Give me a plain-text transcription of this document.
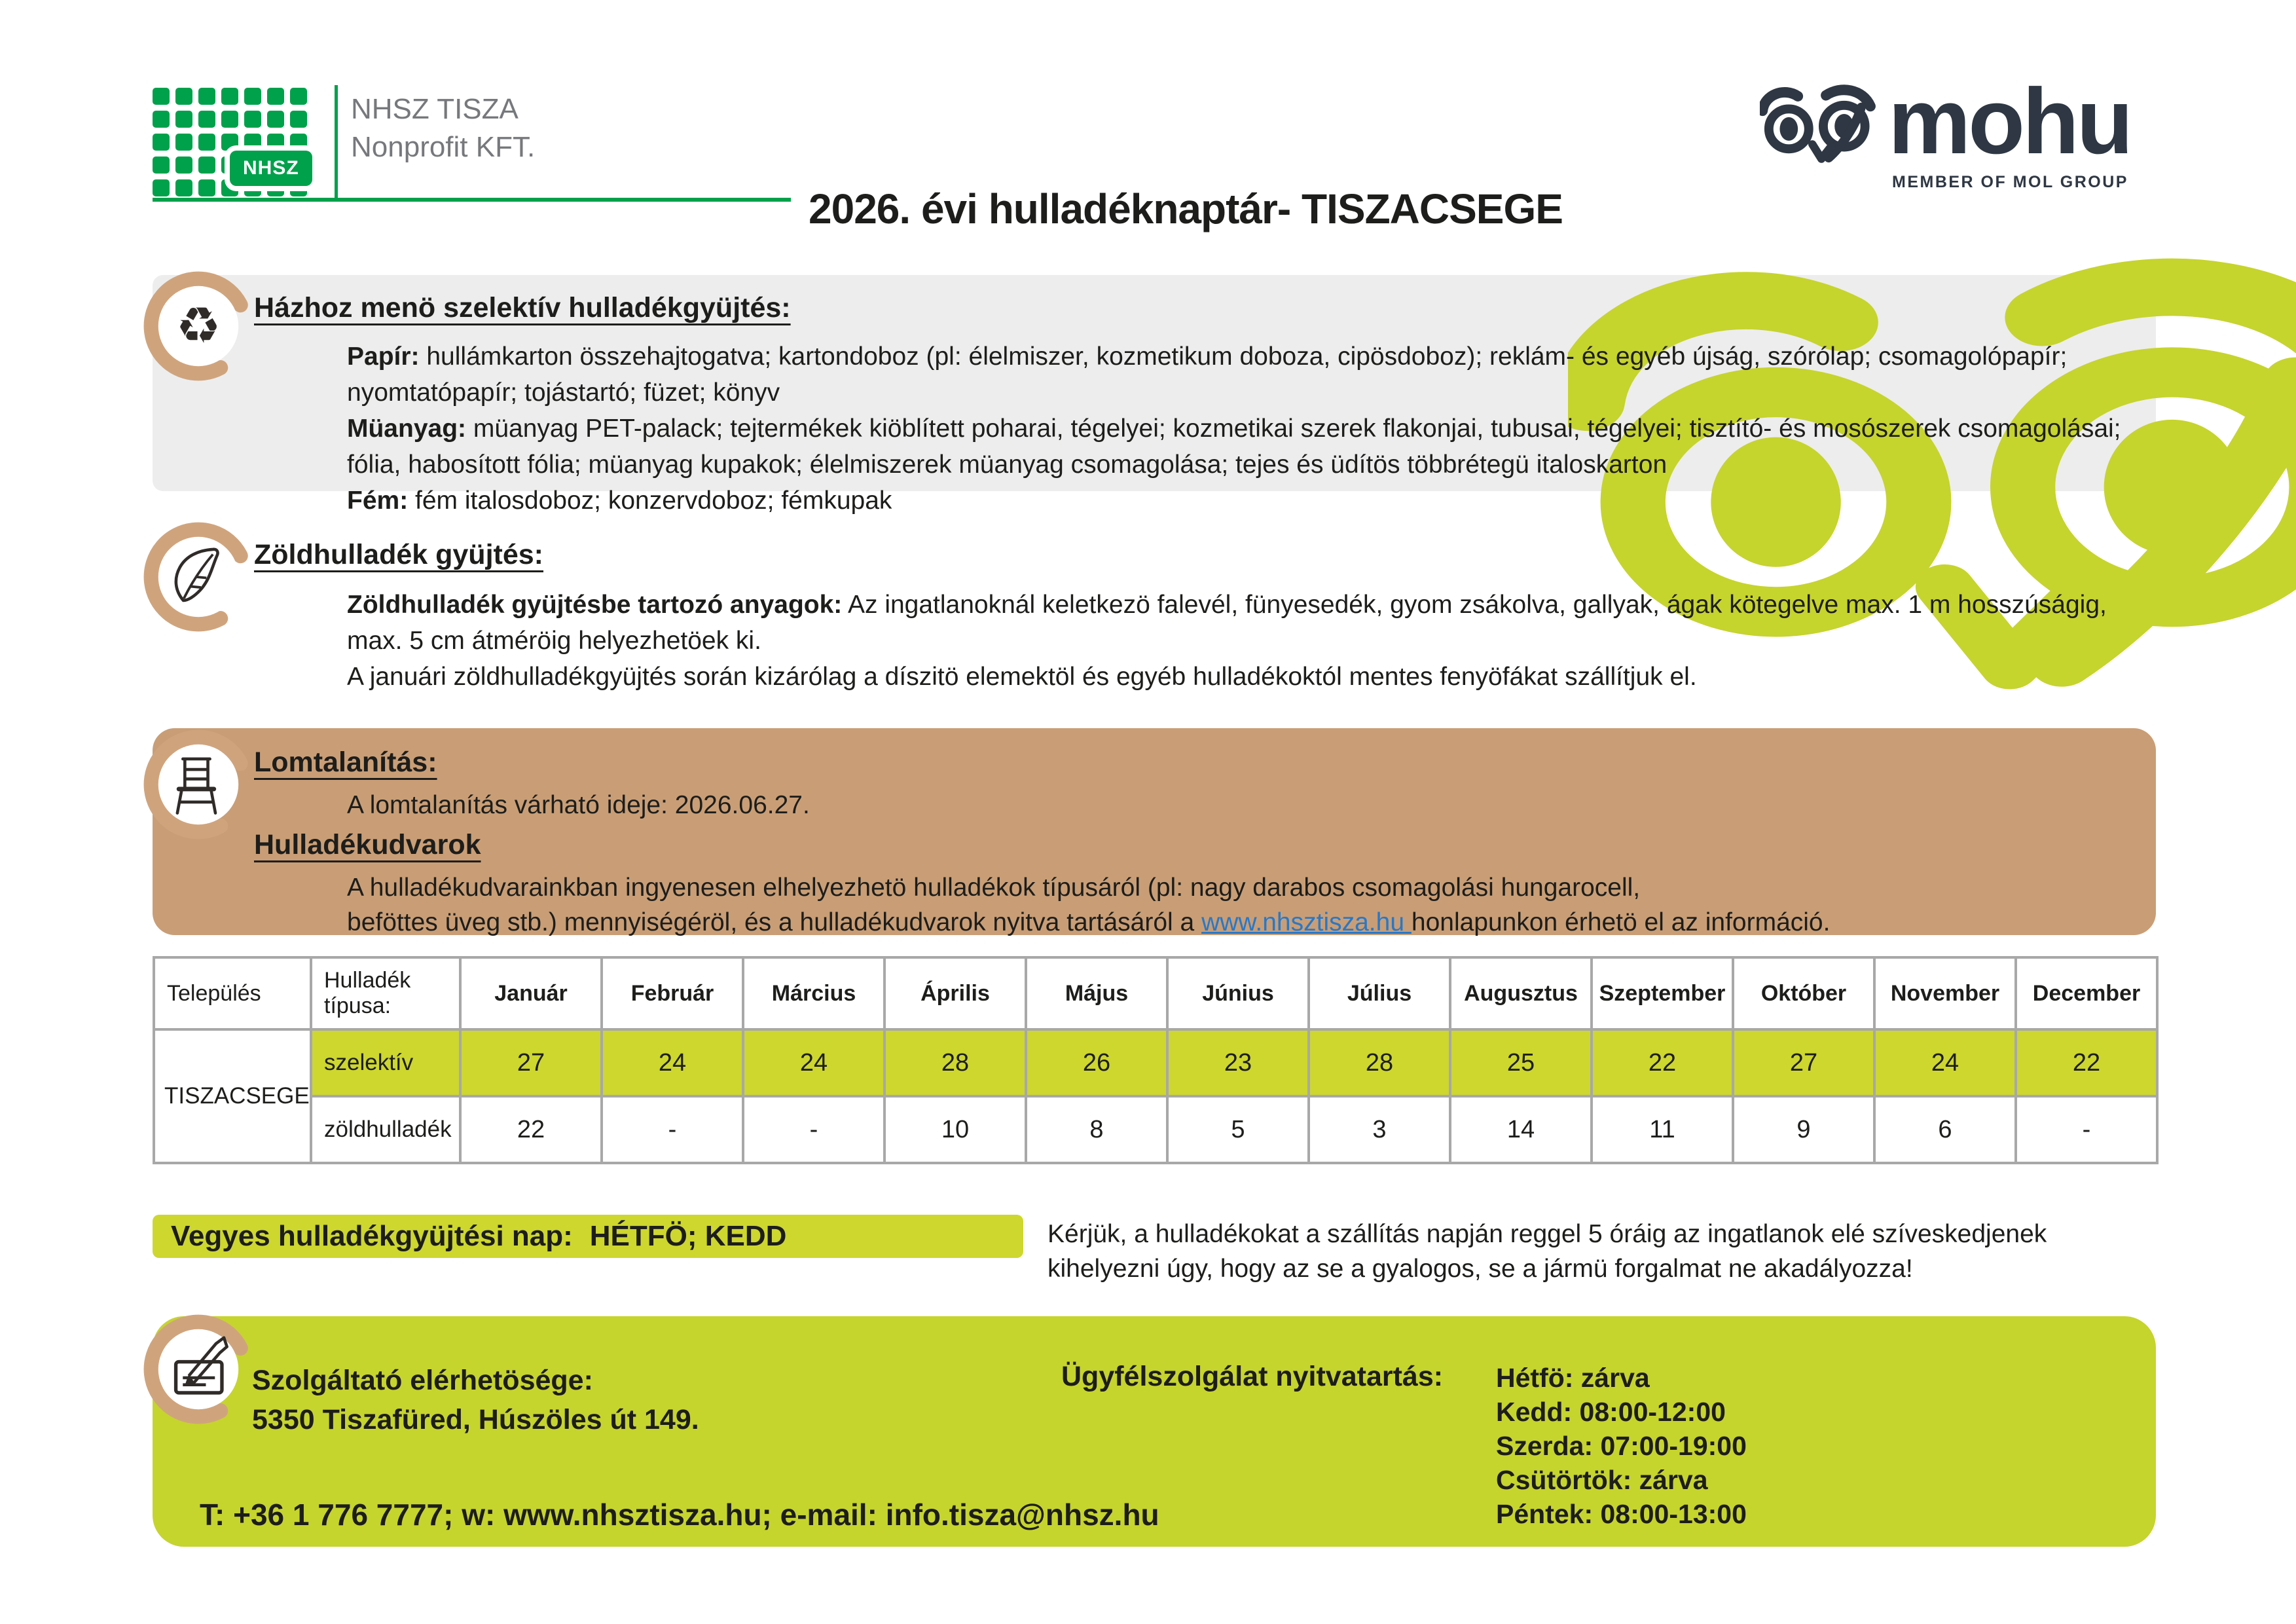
NHSZ
NHSZ TISZA
Nonprofit KFT.
2026. évi hulladéknaptár- TISZACSEGE
mohu
MEMBER OF MOL GROUP
♻ Házhoz menö szelektív hulladékgyüjtés:
Papír: hullámkarton összehajtogatva; kartondoboz (pl: élelmiszer, kozmetikum doboza, cipösdoboz); reklám- és egyéb újság, szórólap; csomagolópapír; nyomtatópapír; tojástartó; füzet; könyv
Müanyag: müanyag PET-palack; tejtermékek kiöblített poharai, tégelyei; kozmetikai szerek flakonjai, tubusai, tégelyei; tisztító- és mosószerek csomagolásai; fólia, habosított fólia; müanyag kupakok; élelmiszerek müanyag csomagolása; tejes és üdítös többrétegü italoskarton
Fém: fém italosdoboz; konzervdoboz; fémkupak
Zöldhulladék gyüjtés:
Zöldhulladék gyüjtésbe tartozó anyagok: Az ingatlanoknál keletkezö falevél, fünyesedék, gyom zsákolva, gallyak, ágak kötegelve max. 1 m hosszúságig, max. 5 cm átméröig helyezhetöek ki.
A januári zöldhulladékgyüjtés során kizárólag a díszitö elemektöl és egyéb hulladékoktól mentes fenyöfákat szállítjuk el.
Lomtalanítás:
A lomtalanítás várható ideje: 2026.06.27.
Hulladékudvarok
A hulladékudvarainkban ingyenesen elhelyezhetö hulladékok típusáról (pl: nagy darabos csomagolási hungarocell,
beföttes üveg stb.) mennyiségéröl, és a hulladékudvarok nyitva tartásáról a www.nhsztisza.hu honlapunkon érhetö el az információ.
Település	Hulladék típusa:	Január	Február	Március	Április	Május	Június	Július	Augusztus	Szeptember	Október	November	December
TISZACSEGE	szelektív	27	24	24	28	26	23	28	25	22	27	24	22
	zöldhulladék	22	-	-	10	8	5	3	14	11	9	6	-
Vegyes hulladékgyüjtési nap: HÉTFÖ; KEDD	Kérjük, a hulladékokat a szállítás napján reggel 5 óráig az ingatlanok elé szíveskedjenek kihelyezni úgy, hogy az se a gyalogos, se a jármü forgalmat ne akadályozza!
Szolgáltató elérhetösége:
5350 Tiszafüred, Húszöles út 149.
Ügyfélszolgálat nyitvatartás: Hétfö: zárva
Kedd: 08:00-12:00
Szerda: 07:00-19:00
Csütörtök: zárva
Péntek: 08:00-13:00
T: +36 1 776 7777; w: www.nhsztisza.hu; e-mail: info.tisza@nhsz.hu
